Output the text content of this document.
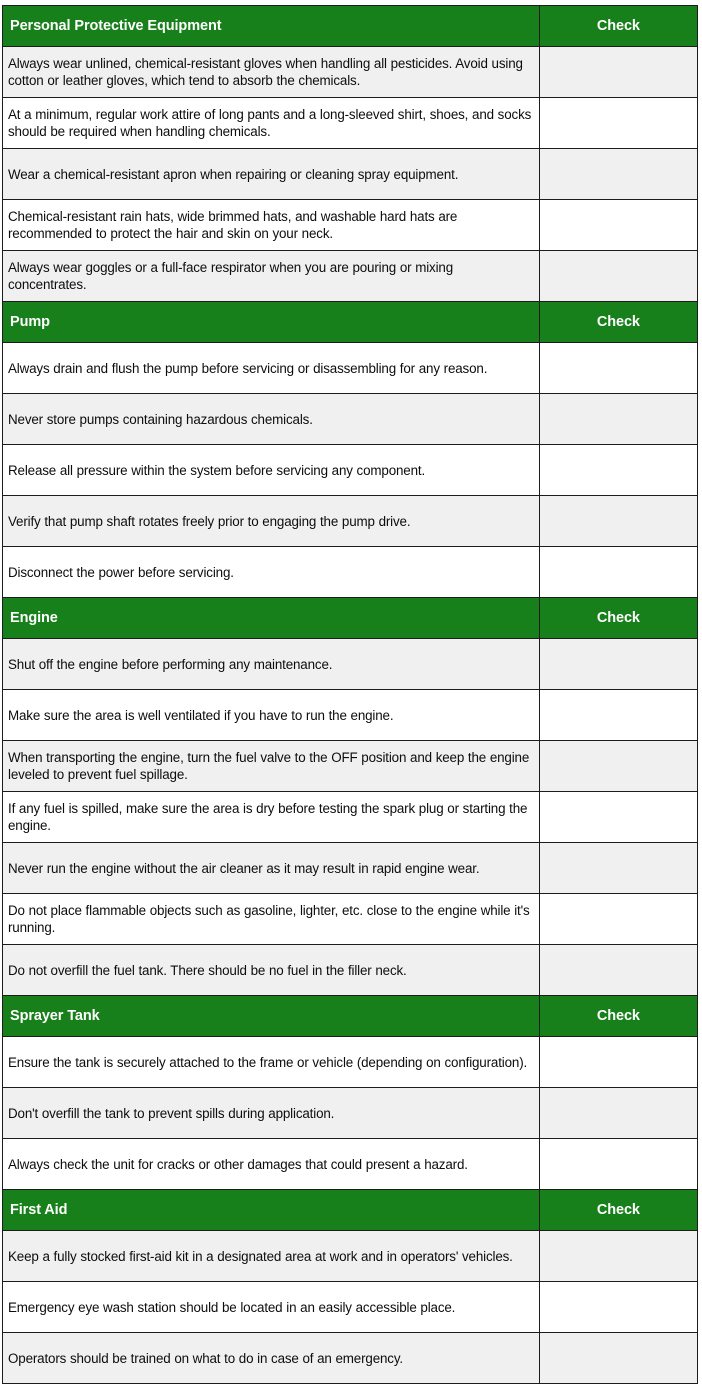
Personal Protective Equipment	Check
Always wear unlined, chemical-resistant gloves when handling all pesticides. Avoid using cotton or leather gloves, which tend to absorb the chemicals.	
At a minimum, regular work attire of long pants and a long-sleeved shirt, shoes, and socks should be required when handling chemicals.	
Wear a chemical-resistant apron when repairing or cleaning spray equipment.	
Chemical-resistant rain hats, wide brimmed hats, and washable hard hats are recommended to protect the hair and skin on your neck.	
Always wear goggles or a full-face respirator when you are pouring or mixing concentrates.	
Pump	Check
Always drain and flush the pump before servicing or disassembling for any reason.	
Never store pumps containing hazardous chemicals.	
Release all pressure within the system before servicing any component.	
Verify that pump shaft rotates freely prior to engaging the pump drive.	
Disconnect the power before servicing.	
Engine	Check
Shut off the engine before performing any maintenance.	
Make sure the area is well ventilated if you have to run the engine.	
When transporting the engine, turn the fuel valve to the OFF position and keep the engine leveled to prevent fuel spillage.	
If any fuel is spilled, make sure the area is dry before testing the spark plug or starting the engine.	
Never run the engine without the air cleaner as it may result in rapid engine wear.	
Do not place flammable objects such as gasoline, lighter, etc. close to the engine while it's running.	
Do not overfill the fuel tank. There should be no fuel in the filler neck.	
Sprayer Tank	Check
Ensure the tank is securely attached to the frame or vehicle (depending on configuration).	
Don't overfill the tank to prevent spills during application.	
Always check the unit for cracks or other damages that could present a hazard.	
First Aid	Check
Keep a fully stocked first-aid kit in a designated area at work and in operators' vehicles.	
Emergency eye wash station should be located in an easily accessible place.	
Operators should be trained on what to do in case of an emergency.	
